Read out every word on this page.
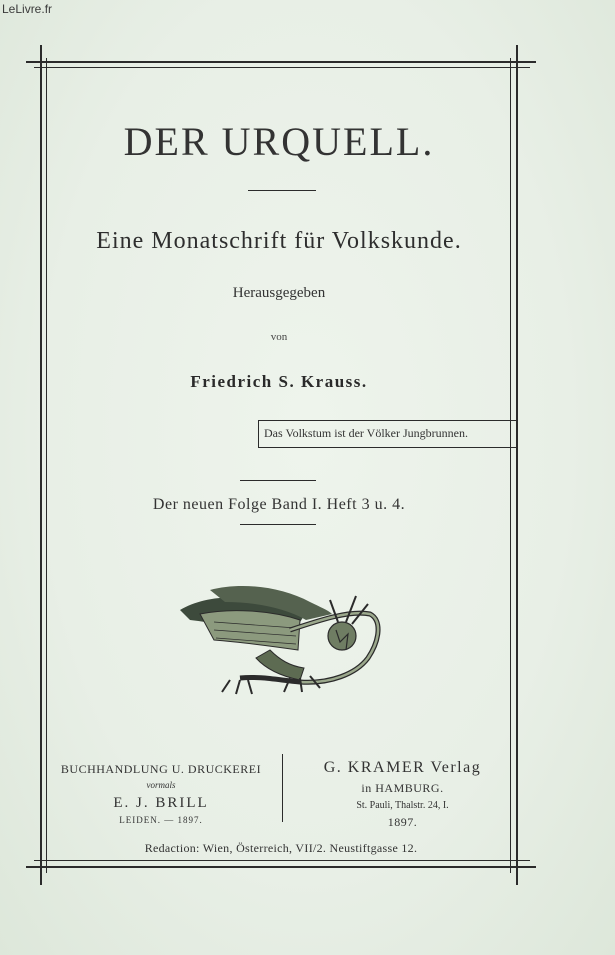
LeLivre.fr
DER URQUELL.
Eine Monatschrift für Volkskunde.
Herausgegeben
von
Friedrich S. Krauss.
Das Volkstum ist der Völker Jungbrunnen.
Der neuen Folge Band I. Heft 3 u. 4.
BUCHHANDLUNG U. DRUCKEREI
vormals
E. J. BRILL
LEIDEN. — 1897.
G. KRAMER Verlag
in HAMBURG.
St. Pauli, Thalstr. 24, I.
1897.
Redaction: Wien, Österreich, VII/2. Neustiftgasse 12.
